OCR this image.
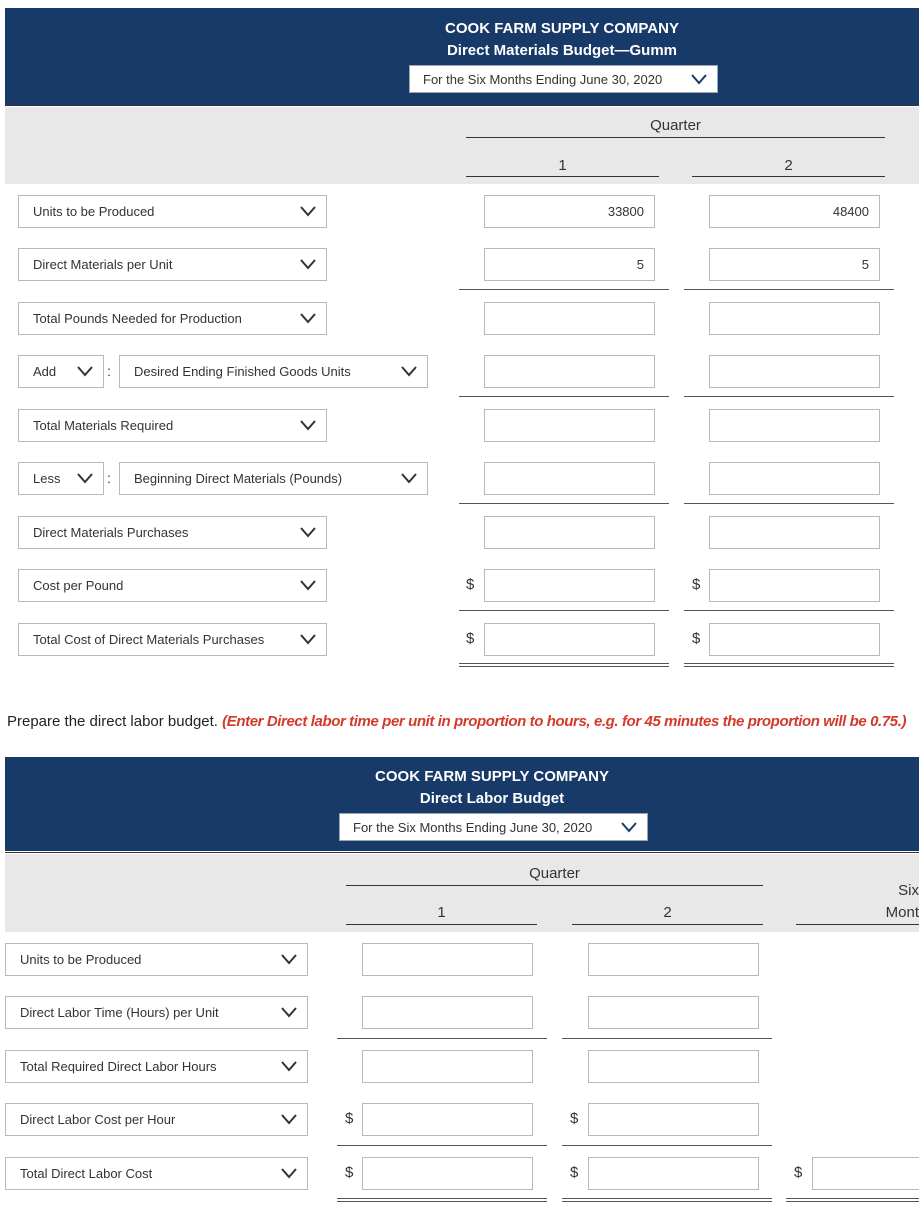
COOK FARM SUPPLY COMPANY
Direct Materials Budget—Gumm
For the Six Months Ending June 30, 2020
Quarter
1	2
Units to be Produced	33800	48400
Direct Materials per Unit	5	5
Total Pounds Needed for Production
Add	: Desired Ending Finished Goods Units
Total Materials Required
Less	: Beginning Direct Materials (Pounds)
Direct Materials Purchases
Cost per Pound	$	$
Total Cost of Direct Materials Purchases	$	$
Prepare the direct labor budget. (Enter Direct labor time per unit in proportion to hours, e.g. for 45 minutes the proportion will be 0.75.)
COOK FARM SUPPLY COMPANY
Direct Labor Budget
For the Six Months Ending June 30, 2020
Quarter
1	2
Six
Mont
Units to be Produced
Direct Labor Time (Hours) per Unit
Total Required Direct Labor Hours
Direct Labor Cost per Hour	$	$
Total Direct Labor Cost	$	$	$
